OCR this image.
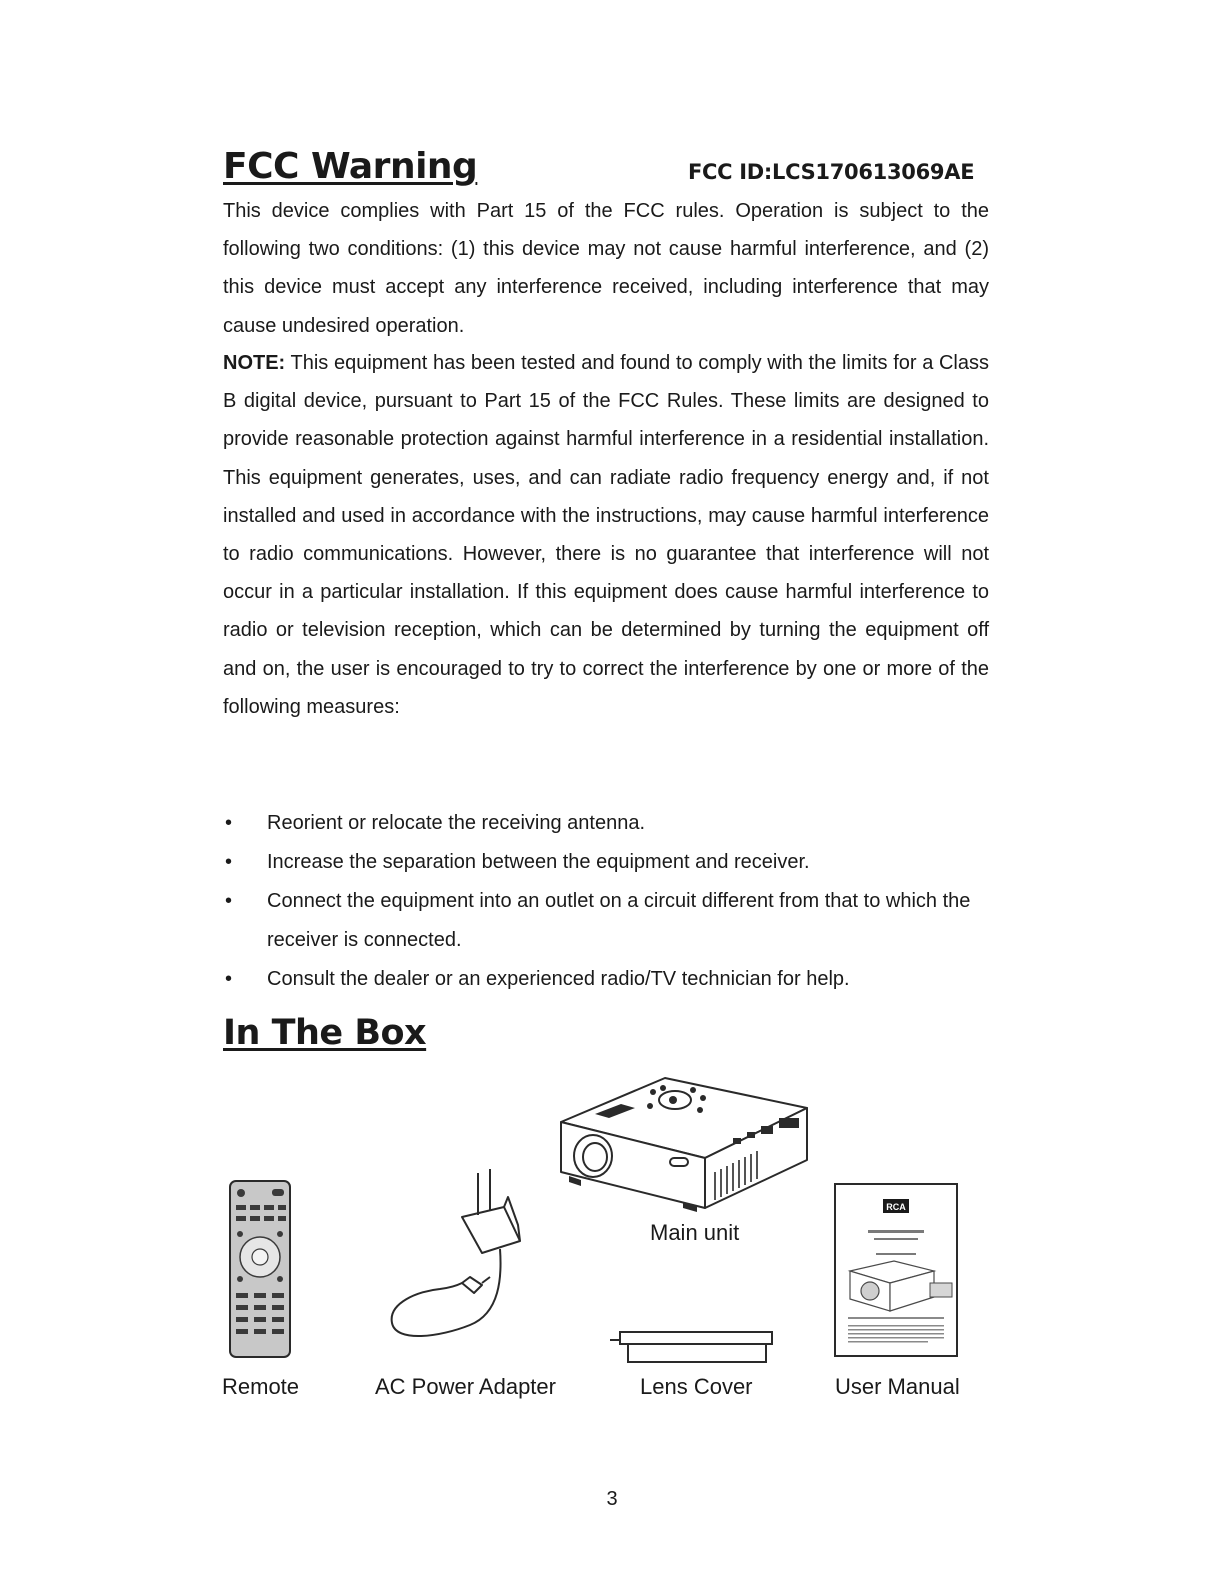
FCC Warning	FCC ID:LCS170613069AE

This device complies with Part 15 of the FCC rules. Operation is subject to the following two conditions: (1) this device may not cause harmful interference, and (2) this device must accept any interference received, including interference that may cause undesired operation.

NOTE: This equipment has been tested and found to comply with the limits for a Class B digital device, pursuant to Part 15 of the FCC Rules. These limits are designed to provide reasonable protection against harmful interference in a residential installation. This equipment generates, uses, and can radiate radio frequency energy and, if not installed and used in accordance with the instructions, may cause harmful interference to radio communications. However, there is no guarantee that interference will not occur in a particular installation. If this equipment does cause harmful interference to radio or television reception, which can be determined by turning the equipment off and on, the user is encouraged to try to correct the interference by one or more of the following measures:

• Reorient or relocate the receiving antenna.
• Increase the separation between the equipment and receiver.
• Connect the equipment into an outlet on a circuit different from that to which the receiver is connected.
• Consult the dealer or an experienced radio/TV technician for help.
In The Box
Main unit
Remote	AC Power Adapter	Lens Cover
RCA
User Manual
3
